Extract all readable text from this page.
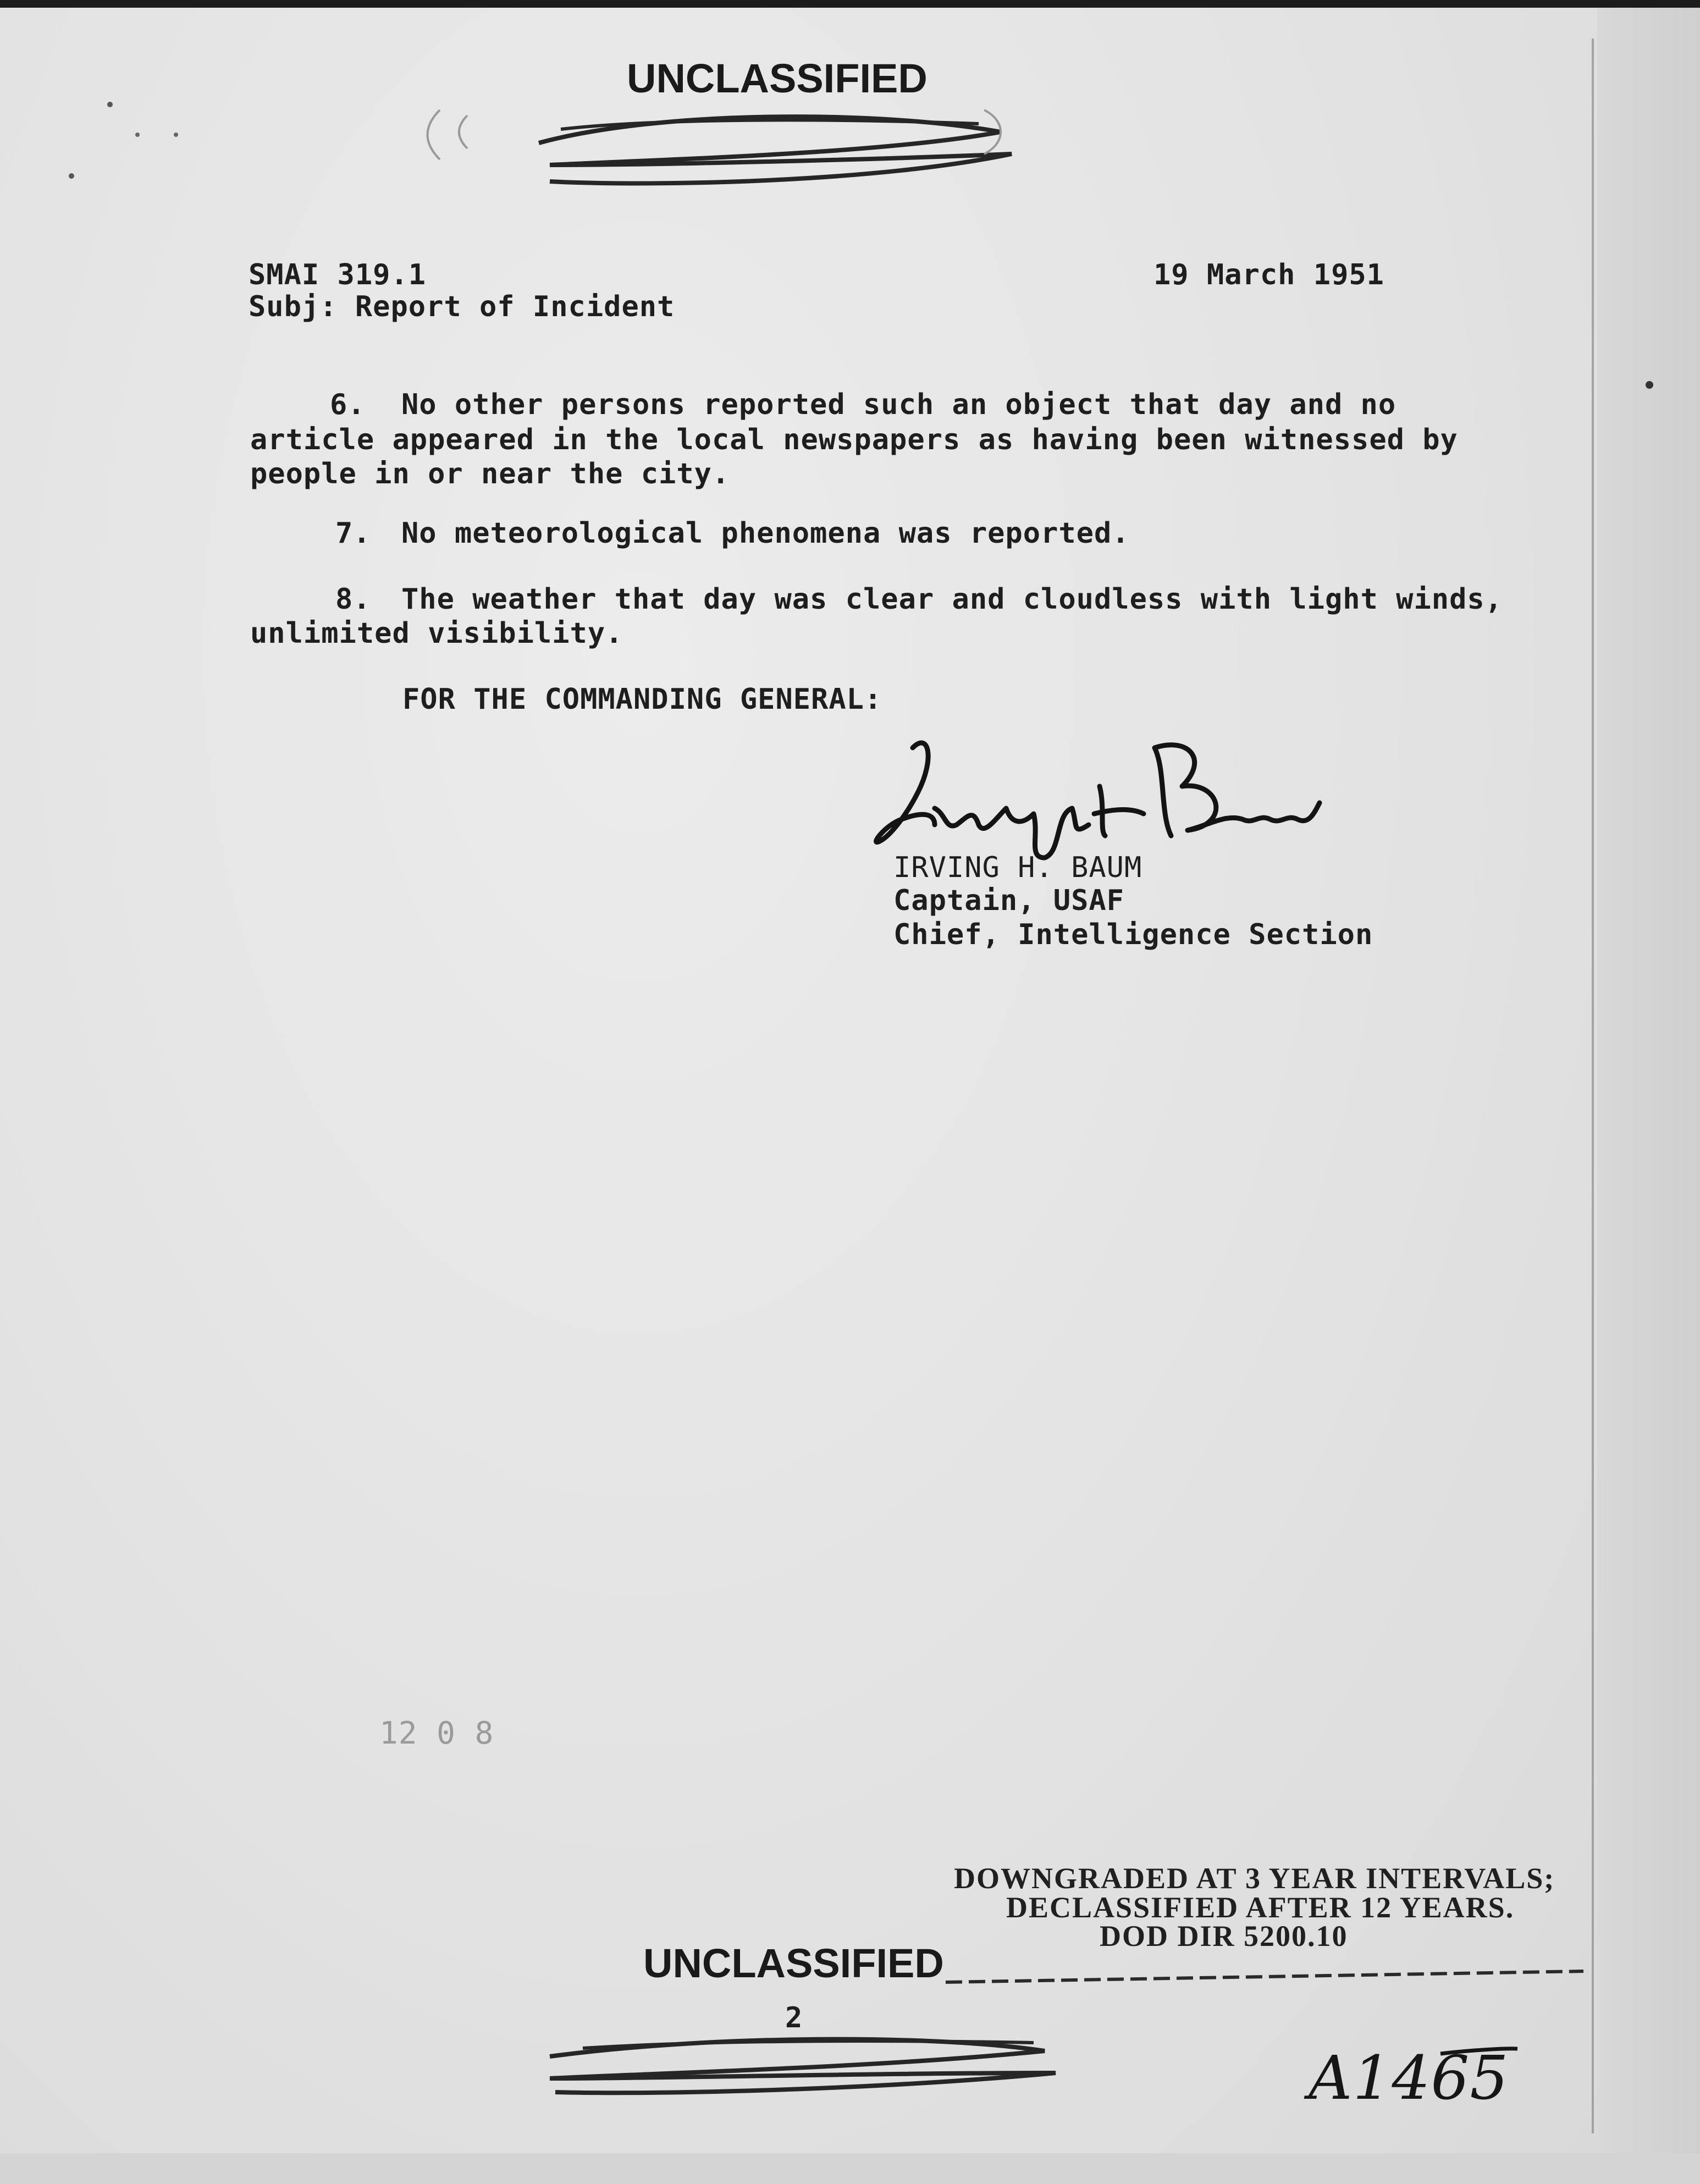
UNCLASSIFIED
SMAI 319.1	19 March 1951
Subj: Report of Incident
6. No other persons reported such an object that day and no
article appeared in the local newspapers as having been witnessed by
people in or near the city.
7. No meteorological phenomena was reported.
8. The weather that day was clear and cloudless with light winds,
unlimited visibility.
FOR THE COMMANDING GENERAL:
IRVING H. BAUM
Captain, USAF
Chief, Intelligence Section
12 0 8
DOWNGRADED AT 3 YEAR INTERVALS;
DECLASSIFIED AFTER 12 YEARS.
DOD DIR 5200.10
UNCLASSIFIED
2
A1465
